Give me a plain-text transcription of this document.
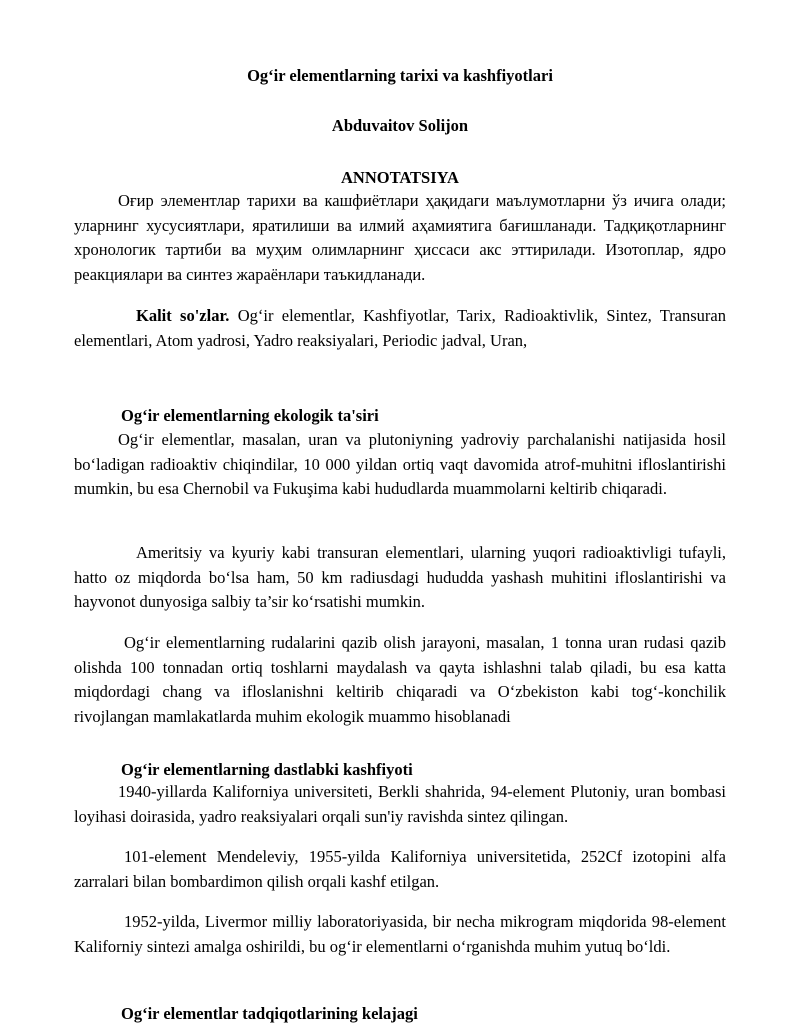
Og‘ir elementlarning tarixi va kashfiyotlari
Abduvaitov Solijon
ANNOTATSIYA

Оғир элементлар тарихи ва кашфиётлари ҳақидаги маълумотларни ўз ичига олади; уларнинг хусусиятлари, яратилиши ва илмий аҳамиятига бағишланади. Тадқиқотларнинг хронологик тартиби ва муҳим олимларнинг ҳиссаси акс эттирилади. Изотоплар, ядро реакциялари ва синтез жараёнлари таъкидланади.

Kalit so'zlar. Og‘ir elementlar, Kashfiyotlar, Tarix, Radioaktivlik, Sintez, Transuran elementlari, Atom yadrosi, Yadro reaksiyalari, Periodic jadval, Uran,

Og‘ir elementlarning ekologik ta'siri

Og‘ir elementlar, masalan, uran va plutoniyning yadroviy parchalanishi natijasida hosil bo‘ladigan radioaktiv chiqindilar, 10 000 yildan ortiq vaqt davomida atrof-muhitni ifloslantirishi mumkin, bu esa Chernobil va Fukuşima kabi hududlarda muammolarni keltirib chiqaradi.

Ameritsiy va kyuriy kabi transuran elementlari, ularning yuqori radioaktivligi tufayli, hatto oz miqdorda bo‘lsa ham, 50 km radiusdagi hududda yashash muhitini ifloslantirishi va hayvonot dunyosiga salbiy ta’sir ko‘rsatishi mumkin.

Og‘ir elementlarning rudalarini qazib olish jarayoni, masalan, 1 tonna uran rudasi qazib olishda 100 tonnadan ortiq toshlarni maydalash va qayta ishlashni talab qiladi, bu esa katta miqdordagi chang va ifloslanishni keltirib chiqaradi va O‘zbekiston kabi tog‘-konchilik rivojlangan mamlakatlarda muhim ekologik muammo hisoblanadi

Og‘ir elementlarning dastlabki kashfiyoti

1940-yillarda Kaliforniya universiteti, Berkli shahrida, 94-element Plutoniy, uran bombasi loyihasi doirasida, yadro reaksiyalari orqali sun'iy ravishda sintez qilingan.

101-element Mendeleviy, 1955-yilda Kaliforniya universitetida, 252Cf izotopini alfa zarralari bilan bombardimon qilish orqali kashf etilgan.

1952-yilda, Livermor milliy laboratoriyasida, bir necha mikrogram miqdorida 98-element Kaliforniy sintezi amalga oshirildi, bu og‘ir elementlarni o‘rganishda muhim yutuq bo‘ldi.

Og‘ir elementlar tadqiqotlarining kelajagi
